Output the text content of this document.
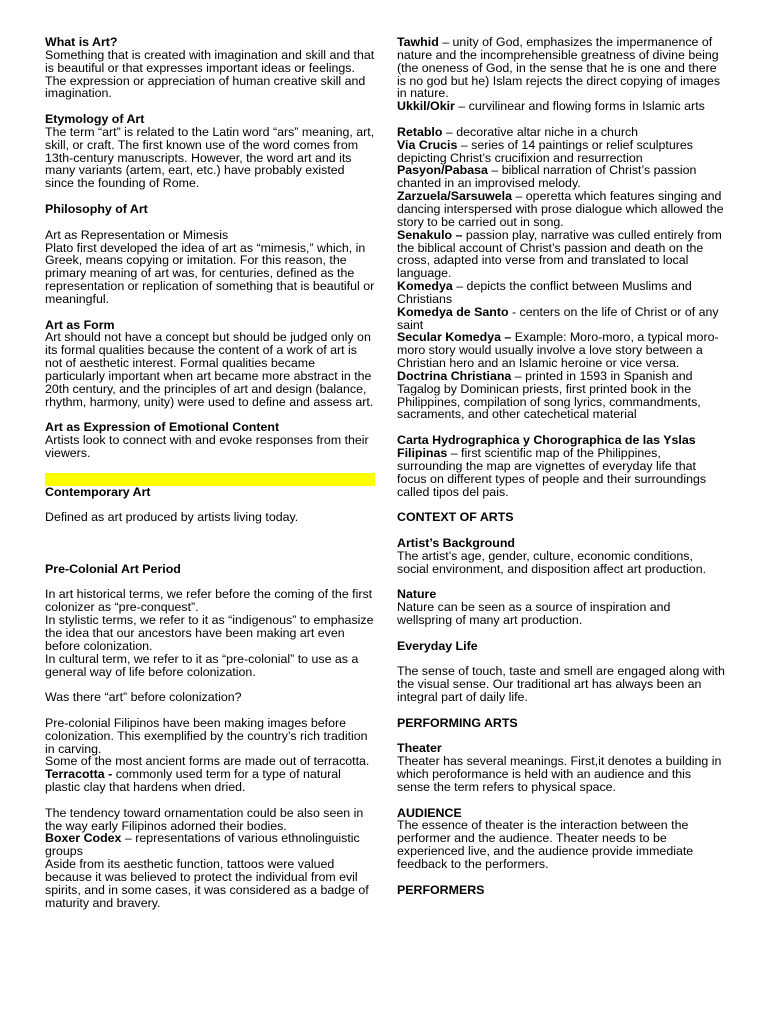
What is Art?
Something that is created with imagination and skill and that is beautiful or that expresses important ideas or feelings.
The expression or appreciation of human creative skill and imagination.
Etymology of Art
The term “art” is related to the Latin word “ars” meaning, art, skill, or craft. The first known use of the word comes from 13th-century manuscripts. However, the word art and its many variants (artem, eart, etc.) have probably existed since the founding of Rome.
Philosophy of Art
Art as Representation or Mimesis
Plato first developed the idea of art as “mimesis,” which, in Greek, means copying or imitation. For this reason, the primary meaning of art was, for centuries, defined as the representation or replication of something that is beautiful or meaningful.
Art as Form
Art should not have a concept but should be judged only on its formal qualities because the content of a work of art is not of aesthetic interest. Formal qualities became particularly important when art became more abstract in the 20th century, and the principles of art and design (balance, rhythm, harmony, unity) were used to define and assess art.
Art as Expression of Emotional Content
Artists look to connect with and evoke responses from their viewers.
Contemporary Art
Defined as art produced by artists living today.
Pre-Colonial Art Period
In art historical terms, we refer before the coming of the first colonizer as “pre-conquest”.
In stylistic terms, we refer to it as “indigenous” to emphasize the idea that our ancestors have been making art even before colonization.
In cultural term, we refer to it as “pre-colonial” to use as a general way of life before colonization.
Was there “art” before colonization?
Pre-colonial Filipinos have been making images before colonization. This exemplified by the country’s rich tradition in carving.
Some of the most ancient forms are made out of terracotta.
Terracotta - commonly used term for a type of natural plastic clay that hardens when dried.
The tendency toward ornamentation could be also seen in the way early Filipinos adorned their bodies.
Boxer Codex – representations of various ethnolinguistic groups
Aside from its aesthetic function, tattoos were valued because it was believed to protect the individual from evil spirits, and in some cases, it was considered as a badge of maturity and bravery.
Tawhid – unity of God, emphasizes the impermanence of nature and the incomprehensible greatness of divine being (the oneness of God, in the sense that he is one and there is no god but he) Islam rejects the direct copying of images in nature.
Ukkil/Okir – curvilinear and flowing forms in Islamic arts
Retablo – decorative altar niche in a church
Via Crucis – series of 14 paintings or relief sculptures depicting Christ’s crucifixion and resurrection
Pasyon/Pabasa – biblical narration of Christ’s passion chanted in an improvised melody.
Zarzuela/Sarsuwela – operetta which features singing and dancing interspersed with prose dialogue which allowed the story to be carried out in song.
Senakulo – passion play, narrative was culled entirely from the biblical account of Christ’s passion and death on the cross, adapted into verse from and translated to local language.
Komedya – depicts the conflict between Muslims and Christians
Komedya de Santo - centers on the life of Christ or of any saint
Secular Komedya – Example: Moro-moro, a typical moro-moro story would usually involve a love story between a Christian hero and an Islamic heroine or vice versa.
Doctrina Christiana – printed in 1593 in Spanish and Tagalog by Dominican priests, first printed book in the Philippines, compilation of song lyrics, commandments, sacraments, and other catechetical material
Carta Hydrographica y Chorographica de las Yslas Filipinas – first scientific map of the Philippines, surrounding the map are vignettes of everyday life that focus on different types of people and their surroundings called tipos del pais.
CONTEXT OF ARTS
Artist’s Background
The artist’s age, gender, culture, economic conditions, social environment, and disposition affect art production.
Nature
Nature can be seen as a source of inspiration and wellspring of many art production.
Everyday Life
The sense of touch, taste and smell are engaged along with the visual sense. Our traditional art has always been an integral part of daily life.
PERFORMING ARTS
Theater
Theater has several meanings. First,it denotes a building in which peroformance is held with an audience and this sense the term refers to physical space.
AUDIENCE
The essence of theater is the interaction between the performer and the audience. Theater needs to be experienced live, and the audience provide immediate feedback to the performers.
PERFORMERS
